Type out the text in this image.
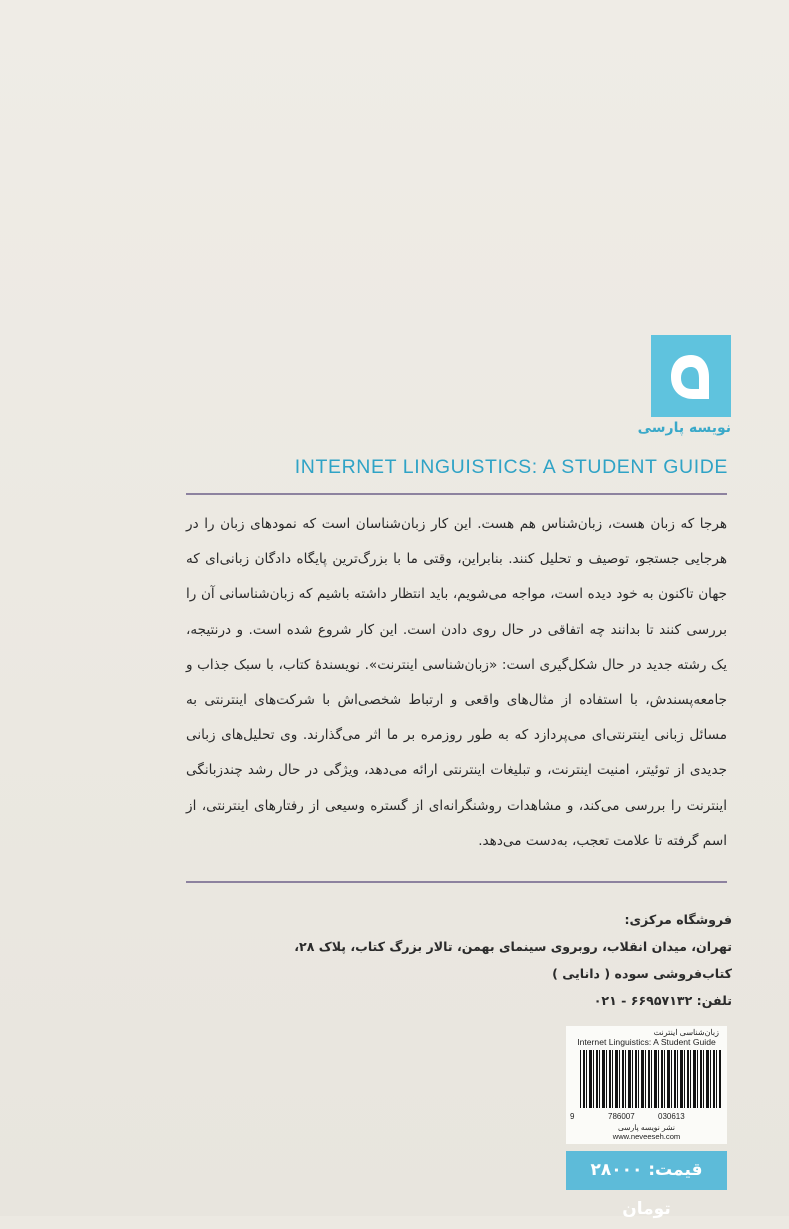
نویسه پارسی
INTERNET LINGUISTICS: A STUDENT GUIDE
هرجا که زبان هست، زبان‌شناس هم هست. این کار زبان‌شناسان است که نمودهای زبان را در هرجایی جستجو، توصیف و تحلیل کنند. بنابراین، وقتی ما با بزرگ‌ترین پایگاه دادگان زبانی‌ای که جهان تاکنون به خود دیده است، مواجه می‌شویم، باید انتظار داشته باشیم که زبان‌شناسانی آن را بررسی کنند تا بدانند چه اتفاقی در حال روی دادن است. این کار شروع شده است. و درنتیجه، یک رشته جدید در حال شکل‌گیری است: «زبان‌شناسی اینترنت». نویسندهٔ کتاب، با سبک جذاب و جامعه‌پسندش، با استفاده از مثال‌های واقعی و ارتباط شخصی‌اش با شرکت‌های اینترنتی به مسائل زبانی اینترنتی‌ای می‌پردازد که به طور روزمره بر ما اثر می‌گذارند. وی تحلیل‌های زبانی جدیدی از توئیتر، امنیت اینترنت، و تبلیغات اینترنتی ارائه می‌دهد، ویژگی در حال رشد چندزبانگی اینترنت را بررسی می‌کند، و مشاهدات روشنگرانه‌ای از گستره وسیعی از رفتارهای اینترنتی، از اسم گرفته تا علامت تعجب، به‌دست می‌دهد.
فروشگاه مرکزی:
تهران، میدان انقلاب، روبروی سینمای بهمن، تالار بزرگ کتاب، پلاک ۲۸،
کتاب‌فروشی سوده ( دانایی )
تلفن: ۶۶۹۵۷۱۳۲ - ۰۲۱
زبان‌شناسی اینترنت
Internet Linguistics: A Student Guide
9	786007	030613
نشر نویسه پارسی
www.neveeseh.com
قیمت: ۲۸۰۰۰ تومان
